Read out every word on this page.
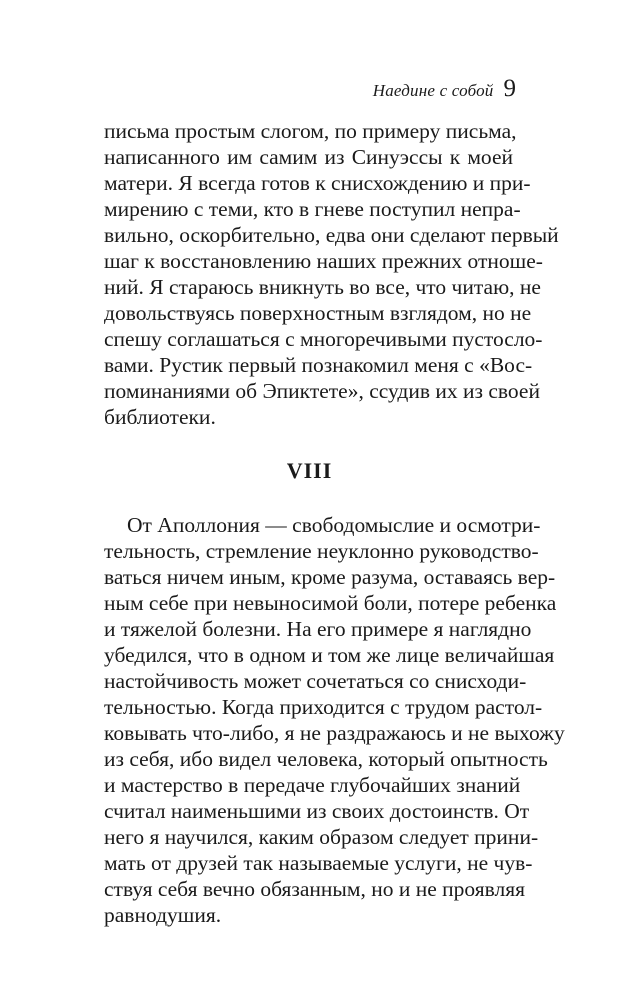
Наедине с собой 9
письма простым слогом, по примеру письма,
написанного им самим из Синуэссы к моей
матери. Я всегда готов к снисхождению и при-
мирению с теми, кто в гневе поступил непра-
вильно, оскорбительно, едва они сделают первый
шаг к восстановлению наших прежних отноше-
ний. Я стараюсь вникнуть во все, что читаю, не
довольствуясь поверхностным взглядом, но не
спешу соглашаться с многоречивыми пустосло-
вами. Рустик первый познакомил меня с «Вос-
поминаниями об Эпиктете», ссудив их из своей
библиотеки.
VIII
От Аполлония — свободомыслие и осмотри-
тельность, стремление неуклонно руководство-
ваться ничем иным, кроме разума, оставаясь вер-
ным себе при невыносимой боли, потере ребенка
и тяжелой болезни. На его примере я наглядно
убедился, что в одном и том же лице величайшая
настойчивость может сочетаться со снисходи-
тельностью. Когда приходится с трудом растол-
ковывать что-либо, я не раздражаюсь и не выхожу
из себя, ибо видел человека, который опытность
и мастерство в передаче глубочайших знаний
считал наименьшими из своих достоинств. От
него я научился, каким образом следует прини-
мать от друзей так называемые услуги, не чув-
ствуя себя вечно обязанным, но и не проявляя
равнодушия.
